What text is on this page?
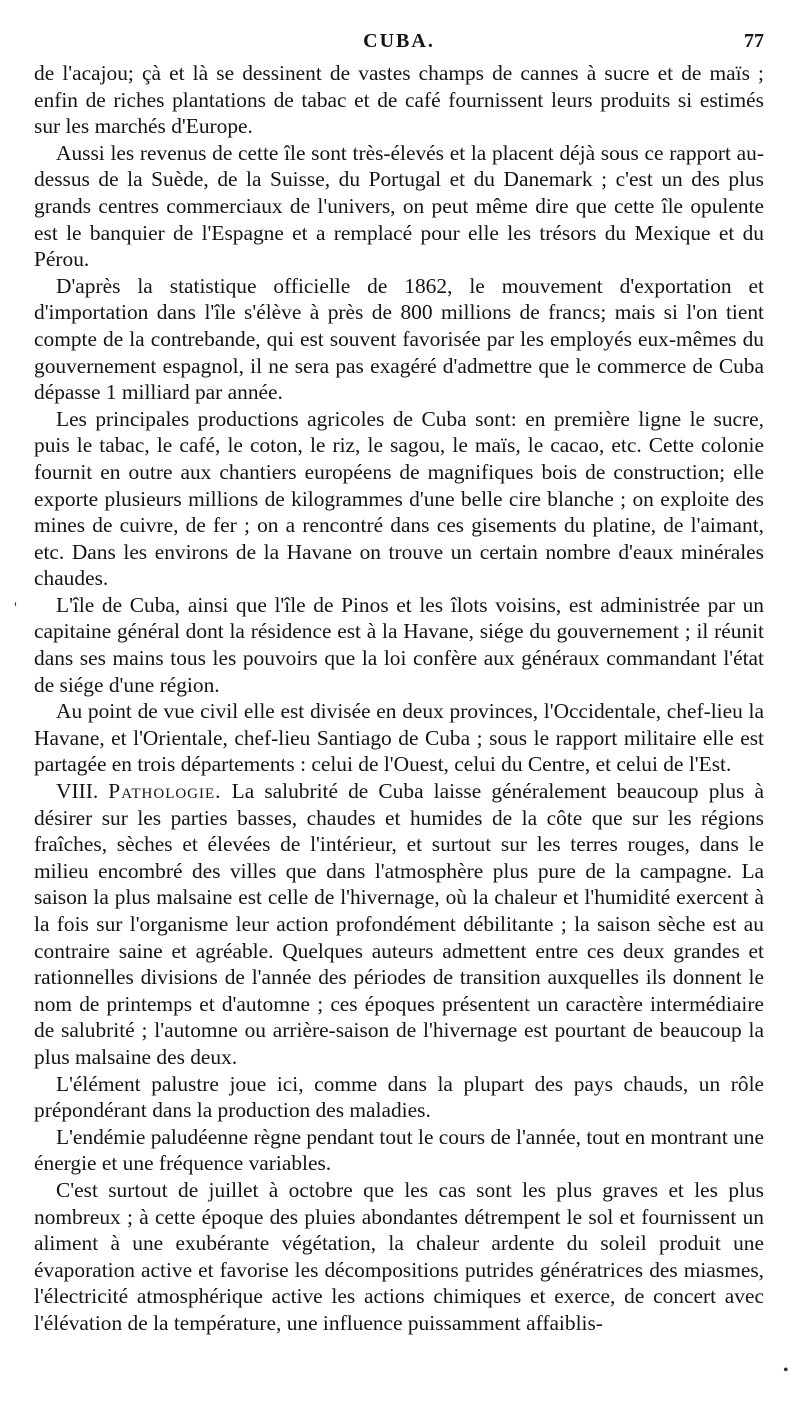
CUBA.	77

de l'acajou; çà et là se dessinent de vastes champs de cannes à sucre et de maïs ; enfin de riches plantations de tabac et de café fournissent leurs produits si estimés sur les marchés d'Europe.

Aussi les revenus de cette île sont très-élevés et la placent déjà sous ce rapport au-dessus de la Suède, de la Suisse, du Portugal et du Danemark ; c'est un des plus grands centres commerciaux de l'univers, on peut même dire que cette île opulente est le banquier de l'Espagne et a remplacé pour elle les trésors du Mexique et du Pérou.

D'après la statistique officielle de 1862, le mouvement d'exportation et d'importation dans l'île s'élève à près de 800 millions de francs; mais si l'on tient compte de la contrebande, qui est souvent favorisée par les employés eux-mêmes du gouvernement espagnol, il ne sera pas exagéré d'admettre que le commerce de Cuba dépasse 1 milliard par année.

Les principales productions agricoles de Cuba sont: en première ligne le sucre, puis le tabac, le café, le coton, le riz, le sagou, le maïs, le cacao, etc. Cette colonie fournit en outre aux chantiers européens de magnifiques bois de construction; elle exporte plusieurs millions de kilogrammes d'une belle cire blanche ; on exploite des mines de cuivre, de fer ; on a rencontré dans ces gisements du platine, de l'aimant, etc. Dans les environs de la Havane on trouve un certain nombre d'eaux minérales chaudes.

L'île de Cuba, ainsi que l'île de Pinos et les îlots voisins, est administrée par un capitaine général dont la résidence est à la Havane, siége du gouvernement ; il réunit dans ses mains tous les pouvoirs que la loi confère aux généraux commandant l'état de siége d'une région.

Au point de vue civil elle est divisée en deux provinces, l'Occidentale, chef-lieu la Havane, et l'Orientale, chef-lieu Santiago de Cuba ; sous le rapport militaire elle est partagée en trois départements : celui de l'Ouest, celui du Centre, et celui de l'Est.

VIII. Pathologie. La salubrité de Cuba laisse généralement beaucoup plus à désirer sur les parties basses, chaudes et humides de la côte que sur les régions fraîches, sèches et élevées de l'intérieur, et surtout sur les terres rouges, dans le milieu encombré des villes que dans l'atmosphère plus pure de la campagne. La saison la plus malsaine est celle de l'hivernage, où la chaleur et l'humidité exercent à la fois sur l'organisme leur action profondément débilitante ; la saison sèche est au contraire saine et agréable. Quelques auteurs admettent entre ces deux grandes et rationnelles divisions de l'année des périodes de transition auxquelles ils donnent le nom de printemps et d'automne ; ces époques présentent un caractère intermédiaire de salubrité ; l'automne ou arrière-saison de l'hivernage est pourtant de beaucoup la plus malsaine des deux.

L'élément palustre joue ici, comme dans la plupart des pays chauds, un rôle prépondérant dans la production des maladies.

L'endémie paludéenne règne pendant tout le cours de l'année, tout en montrant une énergie et une fréquence variables.

C'est surtout de juillet à octobre que les cas sont les plus graves et les plus nombreux ; à cette époque des pluies abondantes détrempent le sol et fournissent un aliment à une exubérante végétation, la chaleur ardente du soleil produit une évaporation active et favorise les décompositions putrides génératrices des miasmes, l'électricité atmosphérique active les actions chimiques et exerce, de concert avec l'élévation de la température, une influence puissamment affaiblis-

'
•
